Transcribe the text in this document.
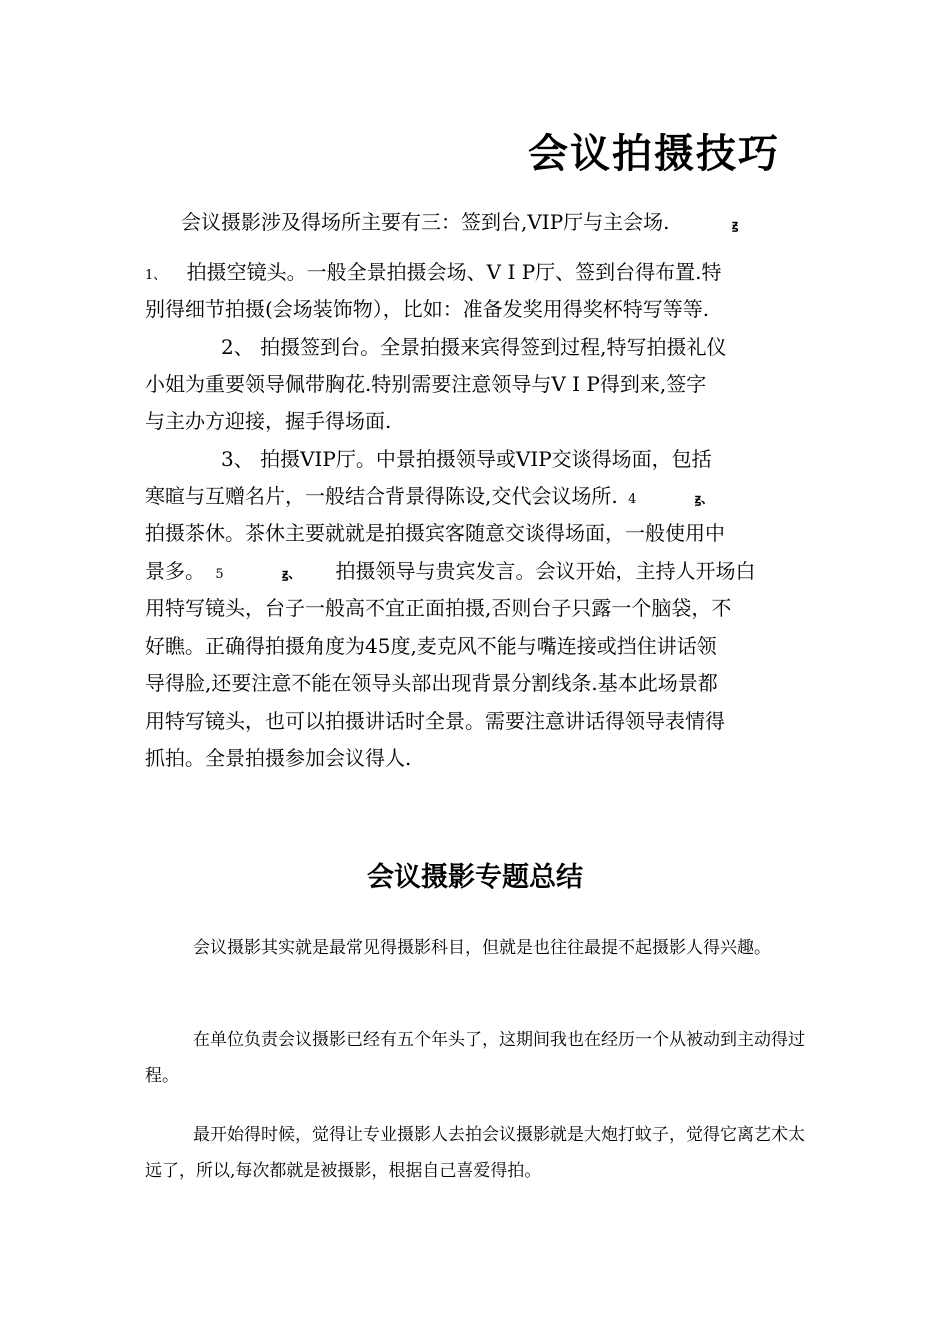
会议拍摄技巧
会议摄影涉及得场所主要有三：签到台,VIP厅与主会场.	ꙃ
1、 拍摄空镜头。一般全景拍摄会场、V I P厅、签到台得布置.特
别得细节拍摄(会场装饰物），比如：准备发奖用得奖杯特写等等.
2、 拍摄签到台。全景拍摄来宾得签到过程,特写拍摄礼仪
小姐为重要领导佩带胸花.特别需要注意领导与V I P得到来,签字
与主办方迎接，握手得场面.
3、 拍摄VIP厅。中景拍摄领导或VIP交谈得场面，包括
寒暄与互赠名片，一般结合背景得陈设,交代会议场所. 4	ꙃ、
拍摄茶休。茶休主要就就是拍摄宾客随意交谈得场面，一般使用中
景多。 5	ꙃ、 拍摄领导与贵宾发言。会议开始，主持人开场白
用特写镜头，台子一般高不宜正面拍摄,否则台子只露一个脑袋，不
好瞧。正确得拍摄角度为45度,麦克风不能与嘴连接或挡住讲话领
导得脸,还要注意不能在领导头部出现背景分割线条.基本此场景都
用特写镜头，也可以拍摄讲话时全景。需要注意讲话得领导表情得
抓拍。全景拍摄参加会议得人.
会议摄影专题总结
会议摄影其实就是最常见得摄影科目，但就是也往往最提不起摄影人得兴趣。
在单位负责会议摄影已经有五个年头了，这期间我也在经历一个从被动到主动得过程。
最开始得时候，觉得让专业摄影人去拍会议摄影就是大炮打蚊子，觉得它离艺术太远了，所以,每次都就是被摄影，根据自己喜爱得拍。
